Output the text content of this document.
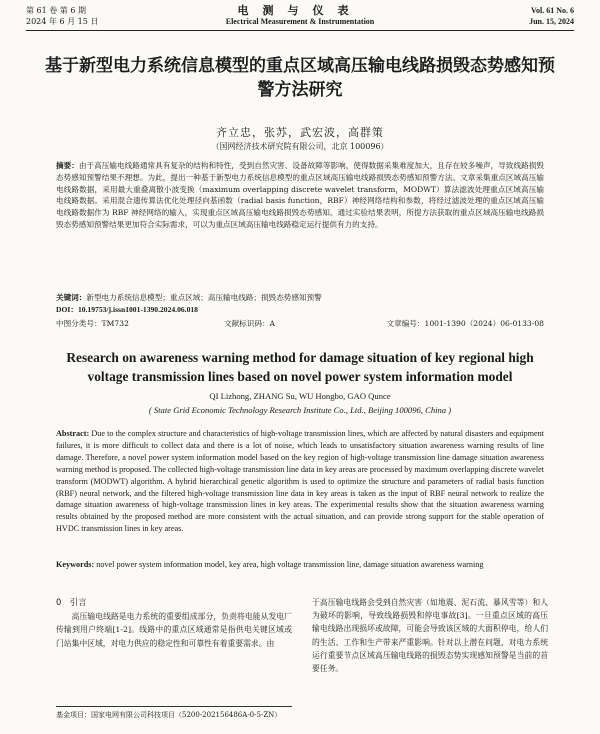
第 61 卷 第 6 期
2024 年 6 月 15 日
电测与仪表
Electrical Measurement & Instrumentation
Vol. 61 No. 6
Jun. 15, 2024
基于新型电力系统信息模型的重点区域高压输电线路损毁态势感知预警方法研究
齐立忠，张苏，武宏波，高群策
（国网经济技术研究院有限公司，北京 100096）
摘要：由于高压输电线路通常具有复杂的结构和特性，受到自然灾害、设备故障等影响，使得数据采集难度加大，且存在较多噪声，导致线路损毁态势感知预警结果不理想。为此，提出一种基于新型电力系统信息模型的重点区域高压输电线路损毁态势感知预警方法。文章采集重点区域高压输电线路数据，采用最大重叠离散小波变换（maximum overlapping discrete wavelet transform，MODWT）算法滤波处理重点区域高压输电线路数据。采用混合遗传算法优化处理径向基函数（radial basis function，RBF）神经网络结构和参数，将经过滤波处理的重点区域高压输电线路数据作为 RBF 神经网络的输入，实现重点区域高压输电线路损毁态势感知。通过实验结果表明，所提方法获取的重点区域高压输电线路损毁态势感知预警结果更加符合实际需求，可以为重点区域高压输电线路稳定运行提供有力的支持。
关键词：新型电力系统信息模型；重点区域；高压输电线路；损毁态势感知预警
DOI：10.19753/j.issn1001-1390.2024.06.018
中图分类号：TM732	文献标识码：A	文章编号：1001-1390（2024）06-0133-08
Research on awareness warning method for damage situation of key regional high voltage transmission lines based on novel power system information model
QI Lizhong, ZHANG Su, WU Hongbo, GAO Qunce
( State Grid Economic Technology Research Institute Co., Ltd., Beijing 100096, China )
Abstract: Due to the complex structure and characteristics of high-voltage transmission lines, which are affected by natural disasters and equipment failures, it is more difficult to collect data and there is a lot of noise, which leads to unsatisfactory situation awareness warning results of line damage. Therefore, a novel power system information model based on the key region of high-voltage transmission line damage situation awareness warning method is proposed. The collected high-voltage transmission line data in key areas are processed by maximum overlapping discrete wavelet transform (MODWT) algorithm. A hybrid hierarchical genetic algorithm is used to optimize the structure and parameters of radial basis function (RBF) neural network, and the filtered high-voltage transmission line data in key areas is taken as the input of RBF neural network to realize the damage situation awareness of high-voltage transmission lines in key areas. The experimental results show that the situation awareness warning results obtained by the proposed method are more consistent with the actual situation, and can provide strong support for the stable operation of HVDC transmission lines in key areas.
Keywords: novel power system information model, key area, high voltage transmission line, damage situation awareness warning
0　引言
高压输电线路是电力系统的重要组成部分，负责将电能从发电厂传输到用户终端[1-2]。线路中的重点区域通常是指供电关键区域或门站集中区域，对电力供应的稳定性和可靠性有着重要需求。由
于高压输电线路会受到自然灾害（如地震、泥石流、暴风雪等）和人为破坏的影响，导致线路损毁和停电事故[3]。一旦重点区域的高压输电线路出现损坏或故障，可能会导致该区域的大面积停电，给人们的生活、工作和生产带来严重影响。针对以上潜在问题，对电力系统运行重要节点区域高压输电线路的损毁态势实现感知预警是当前的首要任务。
基金项目：国家电网有限公司科技项目（5200-202156486A-0-5-ZN）
